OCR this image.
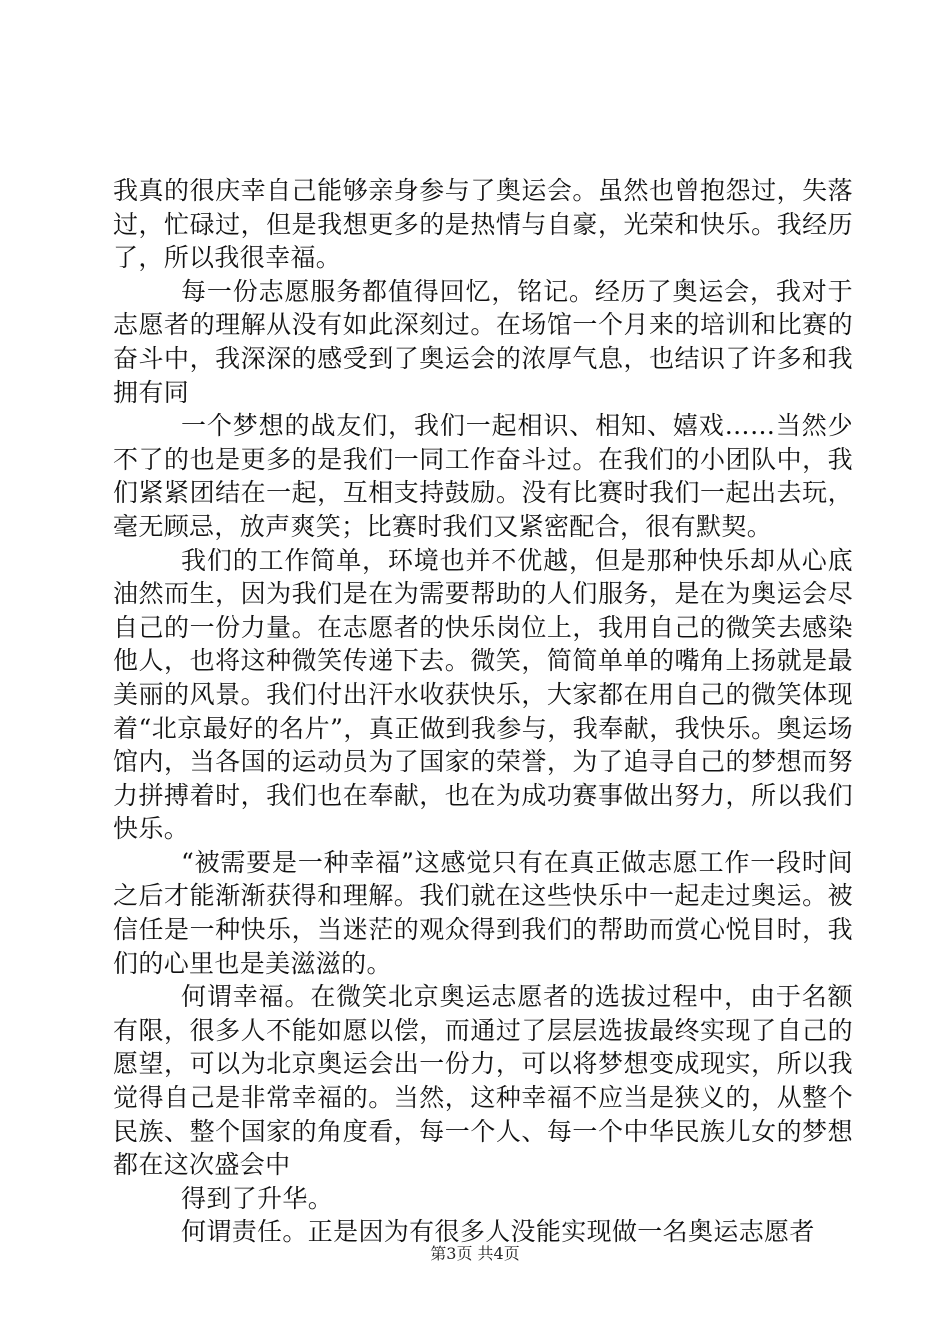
我真的很庆幸自己能够亲身参与了奥运会。虽然也曾抱怨过，失落过，忙碌过，但是我想更多的是热情与自豪，光荣和快乐。我经历了，所以我很幸福。

每一份志愿服务都值得回忆，铭记。经历了奥运会，我对于志愿者的理解从没有如此深刻过。在场馆一个月来的培训和比赛的奋斗中，我深深的感受到了奥运会的浓厚气息，也结识了许多和我拥有同

一个梦想的战友们，我们一起相识、相知、嬉戏……当然少不了的也是更多的是我们一同工作奋斗过。在我们的小团队中，我们紧紧团结在一起，互相支持鼓励。没有比赛时我们一起出去玩，毫无顾忌，放声爽笑；比赛时我们又紧密配合，很有默契。

我们的工作简单，环境也并不优越，但是那种快乐却从心底油然而生，因为我们是在为需要帮助的人们服务，是在为奥运会尽自己的一份力量。在志愿者的快乐岗位上，我用自己的微笑去感染他人，也将这种微笑传递下去。微笑，简简单单的嘴角上扬就是最美丽的风景。我们付出汗水收获快乐，大家都在用自己的微笑体现着“北京最好的名片”，真正做到我参与，我奉献，我快乐。奥运场馆内，当各国的运动员为了国家的荣誉，为了追寻自己的梦想而努力拼搏着时，我们也在奉献，也在为成功赛事做出努力，所以我们快乐。

“被需要是一种幸福”这感觉只有在真正做志愿工作一段时间之后才能渐渐获得和理解。我们就在这些快乐中一起走过奥运。被信任是一种快乐，当迷茫的观众得到我们的帮助而赏心悦目时，我们的心里也是美滋滋的。

何谓幸福。在微笑北京奥运志愿者的选拔过程中，由于名额有限，很多人不能如愿以偿，而通过了层层选拔最终实现了自己的愿望，可以为北京奥运会出一份力，可以将梦想变成现实，所以我觉得自己是非常幸福的。当然，这种幸福不应当是狭义的，从整个民族、整个国家的角度看，每一个人、每一个中华民族儿女的梦想都在这次盛会中

得到了升华。

何谓责任。正是因为有很多人没能实现做一名奥运志愿者

第3页 共4页
